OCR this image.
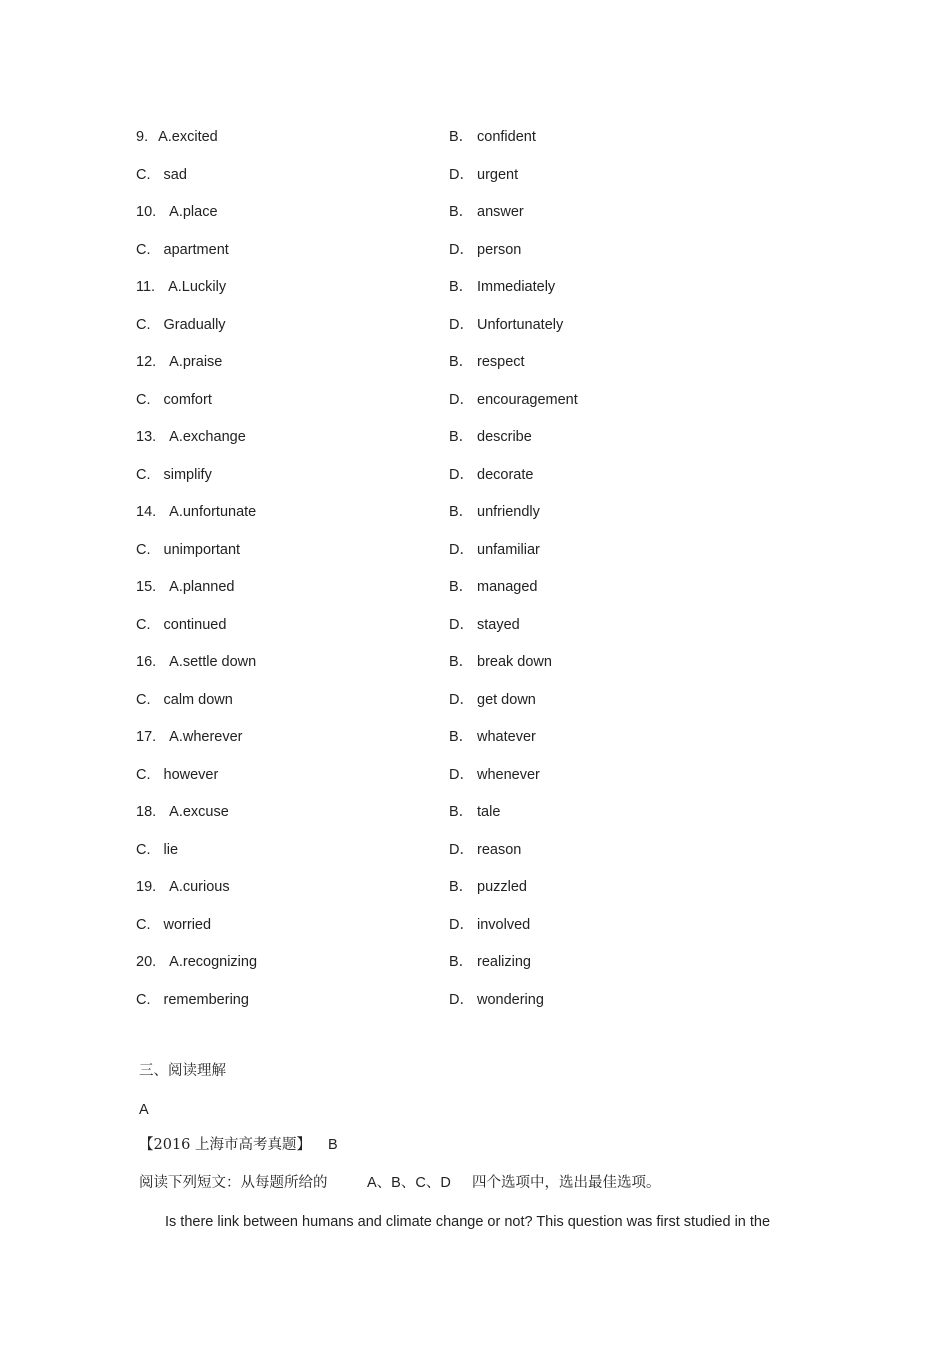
9. A.excited	B． confident
C. sad	D． urgent
10. A.place	B． answer
C. apartment	D． person
11. A.Luckily	B． Immediately
C. Gradually	D． Unfortunately
12. A.praise	B． respect
C. comfort	D． encouragement
13. A.exchange	B． describe
C. simplify	D． decorate
14. A.unfortunate	B． unfriendly
C. unimportant	D． unfamiliar
15. A.planned	B． managed
C. continued	D． stayed
16. A.settle down	B． break down
C. calm down	D． get down
17. A.wherever	B． whatever
C. however	D． whenever
18. A.excuse	B． tale
C. lie	D． reason
19. A.curious	B． puzzled
C. worried	D． involved
20. A.recognizing	B． realizing
C. remembering	D． wondering
三、阅读理解
A
【2016 上海市高考真题】 B
阅读下列短文：从每题所给的	A、B、C、D 四个选项中，选出最佳选项。
Is there link between humans and climate change or not? This question was first studied in the
